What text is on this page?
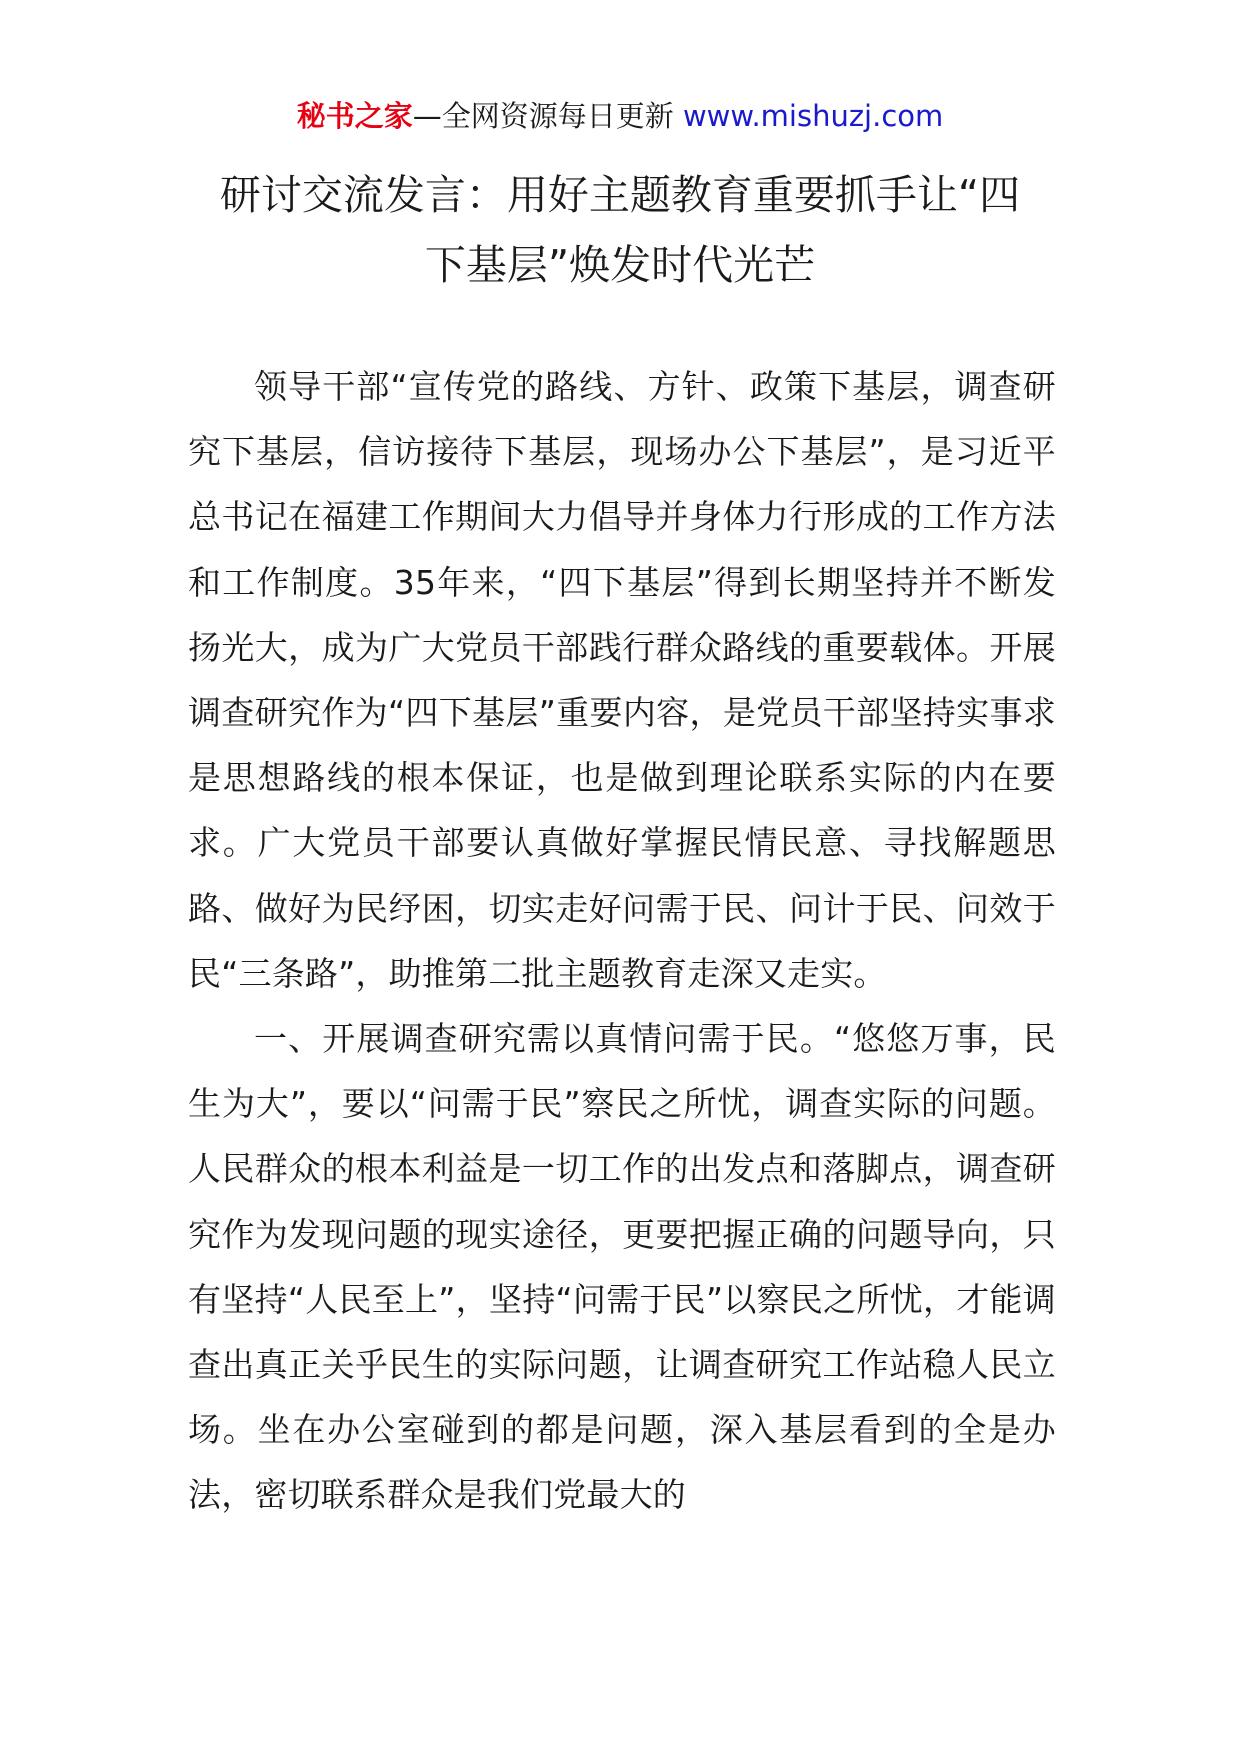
秘书之家—全网资源每日更新 www.mishuzj.com
研讨交流发言：用好主题教育重要抓手让“四
下基层”焕发时代光芒

领导干部“宣传党的路线、方针、政策下基层，调查研究下基层，信访接待下基层，现场办公下基层”，是习近平总书记在福建工作期间大力倡导并身体力行形成的工作方法和工作制度。35年来，“四下基层”得到长期坚持并不断发扬光大，成为广大党员干部践行群众路线的重要载体。开展调查研究作为“四下基层”重要内容，是党员干部坚持实事求是思想路线的根本保证，也是做到理论联系实际的内在要求。广大党员干部要认真做好掌握民情民意、寻找解题思路、做好为民纾困，切实走好问需于民、问计于民、问效于民“三条路”，助推第二批主题教育走深又走实。

一、开展调查研究需以真情问需于民。“悠悠万事，民生为大”，要以“问需于民”察民之所忧，调查实际的问题。人民群众的根本利益是一切工作的出发点和落脚点，调查研究作为发现问题的现实途径，更要把握正确的问题导向，只有坚持“人民至上”，坚持“问需于民”以察民之所忧，才能调查出真正关乎民生的实际问题，让调查研究工作站稳人民立场。坐在办公室碰到的都是问题，深入基层看到的全是办法，密切联系群众是我们党最大的
